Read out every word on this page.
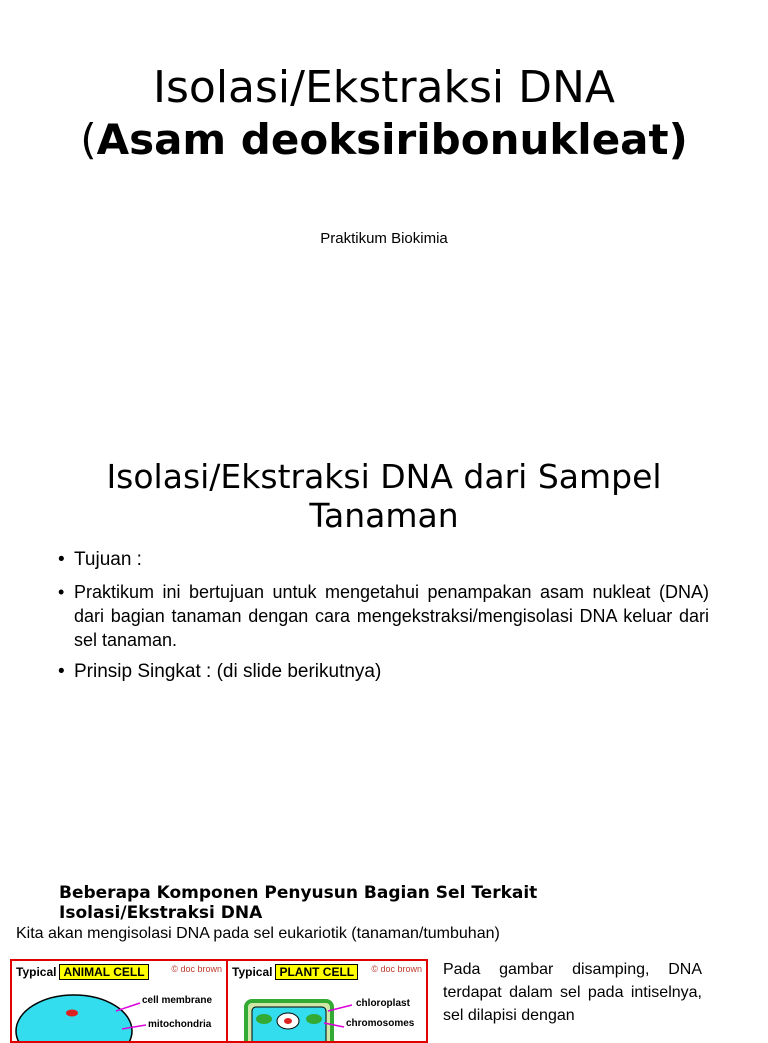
Isolasi/Ekstraksi DNA
(Asam deoksiribonukleat)
Praktikum Biokimia
Isolasi/Ekstraksi DNA dari Sampel Tanaman
• Tujuan :
• Praktikum ini bertujuan untuk mengetahui penampakan asam nukleat (DNA) dari bagian tanaman dengan cara mengekstraksi/mengisolasi DNA keluar dari sel tanaman.
• Prinsip Singkat : (di slide berikutnya)
Beberapa Komponen Penyusun Bagian Sel Terkait Isolasi/Ekstraksi DNA
Kita akan mengisolasi DNA pada sel eukariotik (tanaman/tumbuhan)
Typical ANIMAL CELL	© doc brown
cell membrane
mitochondria
Typical PLANT CELL	© doc brown
chloroplast
chromosomes
Pada gambar disamping, DNA terdapat dalam sel pada intiselnya, sel dilapisi dengan
